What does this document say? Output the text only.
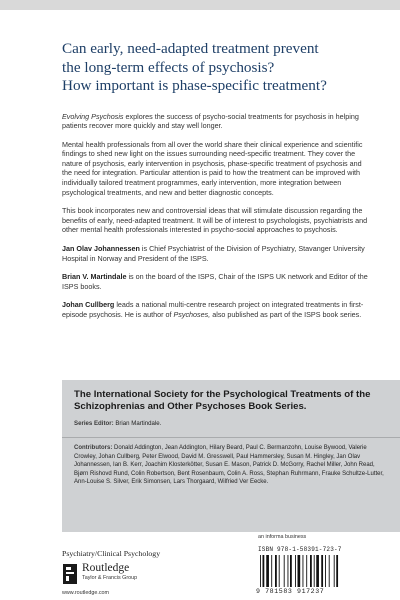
Can early, need-adapted treatment prevent
the long-term effects of psychosis?
How important is phase-specific treatment?

Evolving Psychosis explores the success of psycho-social treatments for psychosis in helping patients recover more quickly and stay well longer.

Mental health professionals from all over the world share their clinical experience and scientific findings to shed new light on the issues surrounding need-specific treatment. They cover the nature of psychosis, early intervention in psychosis, phase-specific treatment of psychosis and the need for integration. Particular attention is paid to how the treatment can be improved with individually tailored treatment programmes, early intervention, more integration between psychological treatments, and new and better diagnostic concepts.

This book incorporates new and controversial ideas that will stimulate discussion regarding the benefits of early, need-adapted treatment. It will be of interest to psychologists, psychiatrists and other mental health professionals interested in psycho-social approaches to psychosis.

Jan Olav Johannessen is Chief Psychiatrist of the Division of Psychiatry, Stavanger University Hospital in Norway and President of the ISPS.

Brian V. Martindale is on the board of the ISPS, Chair of the ISPS UK network and Editor of the ISPS books.

Johan Cullberg leads a national multi-centre research project on integrated treatments in first-episode psychosis. He is author of Psychoses, also published as part of the ISPS book series.

The International Society for the Psychological Treatments of the Schizophrenias and Other Psychoses Book Series.
Series Editor: Brian Martindale.
Contributors: Donald Addington, Jean Addington, Hilary Beard, Paul C. Bermanzohn, Louise Bywood, Valerie Crowley, Johan Cullberg, Peter Elwood, David M. Gresswell, Paul Hammersley, Susan M. Hingley, Jan Olav Johannessen, Ian B. Kerr, Joachim Klosterkötter, Susan E. Mason, Patrick D. McGorry, Rachel Miller, John Read, Bjørn Rishovd Rund, Colin Robertson, Bent Rosenbaum, Colin A. Ross, Stephan Ruhrmann, Frauke Schultze-Lutter, Ann-Louise S. Silver, Erik Simonsen, Lars Thorgaard, Wilfried Ver Eecke.
an informa business
Psychiatry/Clinical Psychology	ISBN 978-1-58391-723-7
9 781583 917237
Routledge
Taylor & Francis Group
www.routledge.com
